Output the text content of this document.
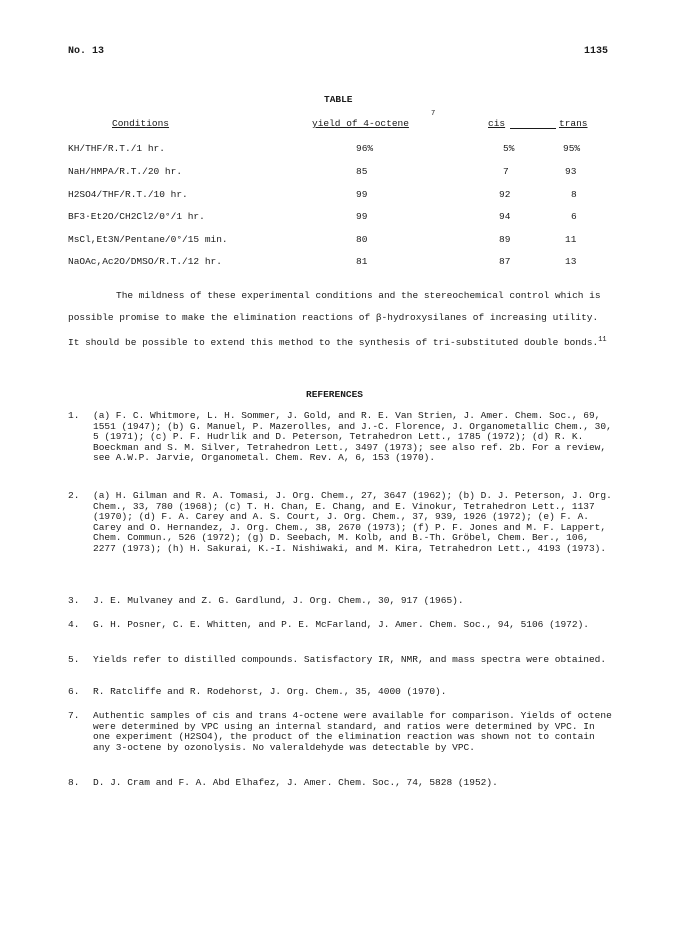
No. 13	1135
TABLE
Conditions	yield of 4-octene
7
cis	trans
KH/THF/R.T./1 hr.	96%	5%	95%
NaH/HMPA/R.T./20 hr.	85	7	93
H2SO4/THF/R.T./10 hr.	99	92	8
BF3·Et2O/CH2Cl2/0°/1 hr.	99	94	6
MsCl,Et3N/Pentane/0°/15 min.	80	89	11
NaOAc,Ac2O/DMSO/R.T./12 hr.	81	87	13
The mildness of these experimental conditions and the stereochemical control which is possible promise to make the elimination reactions of β-hydroxysilanes of increasing utility. It should be possible to extend this method to the synthesis of tri-substituted double bonds.$^{11}$
REFERENCES
1. (a) F. C. Whitmore, L. H. Sommer, J. Gold, and R. E. Van Strien, J. Amer. Chem. Soc., 69, 1551 (1947); (b) G. Manuel, P. Mazerolles, and J.-C. Florence, J. Organometallic Chem., 30, 5 (1971); (c) P. F. Hudrlik and D. Peterson, Tetrahedron Lett., 1785 (1972); (d) R. K. Boeckman and S. M. Silver, Tetrahedron Lett., 3497 (1973); see also ref. 2b. For a review, see A.W.P. Jarvie, Organometal. Chem. Rev. A, 6, 153 (1970).
2. (a) H. Gilman and R. A. Tomasi, J. Org. Chem., 27, 3647 (1962); (b) D. J. Peterson, J. Org. Chem., 33, 780 (1968); (c) T. H. Chan, E. Chang, and E. Vinokur, Tetrahedron Lett., 1137 (1970); (d) F. A. Carey and A. S. Court, J. Org. Chem., 37, 939, 1926 (1972); (e) F. A. Carey and O. Hernandez, J. Org. Chem., 38, 2670 (1973); (f) P. F. Jones and M. F. Lappert, Chem. Commun., 526 (1972); (g) D. Seebach, M. Kolb, and B.-Th. Gröbel, Chem. Ber., 106, 2277 (1973); (h) H. Sakurai, K.-I. Nishiwaki, and M. Kira, Tetrahedron Lett., 4193 (1973).
3. J. E. Mulvaney and Z. G. Gardlund, J. Org. Chem., 30, 917 (1965).
4. G. H. Posner, C. E. Whitten, and P. E. McFarland, J. Amer. Chem. Soc., 94, 5106 (1972).
5. Yields refer to distilled compounds. Satisfactory IR, NMR, and mass spectra were obtained.
6. R. Ratcliffe and R. Rodehorst, J. Org. Chem., 35, 4000 (1970).
7. Authentic samples of cis and trans 4-octene were available for comparison. Yields of octene were determined by VPC using an internal standard, and ratios were determined by VPC. In one experiment (H2SO4), the product of the elimination reaction was shown not to contain any 3-octene by ozonolysis. No valeraldehyde was detectable by VPC.
8. D. J. Cram and F. A. Abd Elhafez, J. Amer. Chem. Soc., 74, 5828 (1952).
